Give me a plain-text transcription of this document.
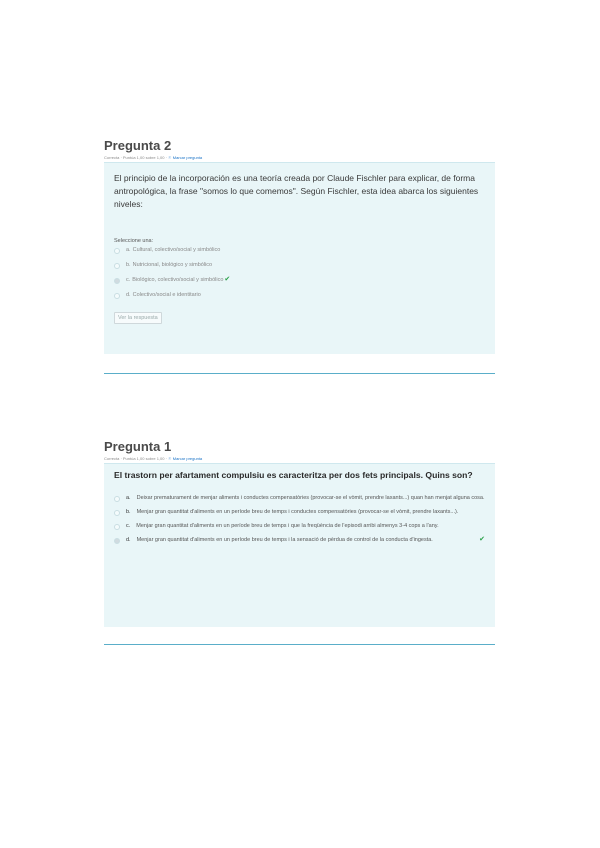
Pregunta 2
Correcta · Puntúa 1,00 sobre 1,00 · ⚐ Marcar pregunta
El principio de la incorporación es una teoría creada por Claude Fischler para explicar, de forma antropológica, la frase "somos lo que comemos". Según Fischler, esta idea abarca los siguientes niveles:
Seleccione una:
a. Cultural, colectivo/social y simbólico
b. Nutricional, biológico y simbólico
c. Biológico, colectivo/social y simbólico ✔
d. Colectivo/social e identitario
Ver la respuesta
Pregunta 1
Correcta · Puntúa 1,00 sobre 1,00 · ⚐ Marcar pregunta
El trastorn per afartament compulsiu es caracteritza per dos fets principals. Quins son?
a. Deixar prematurament de menjar aliments i conductes compensatòries (provocar-se el vòmit, prendre laxants...) quan han menjat alguna cosa.
b. Menjar gran quantitat d'aliments en un període breu de temps i conductes compensatòries (provocar-se el vòmit, prendre laxants...).
c. Menjar gran quantitat d'aliments en un període breu de temps i que la freqüència de l'episodi arribi almenys 3-4 cops a l'any.
d. Menjar gran quantitat d'aliments en un període breu de temps i la sensació de pèrdua de control de la conducta d'ingesta.	✔
